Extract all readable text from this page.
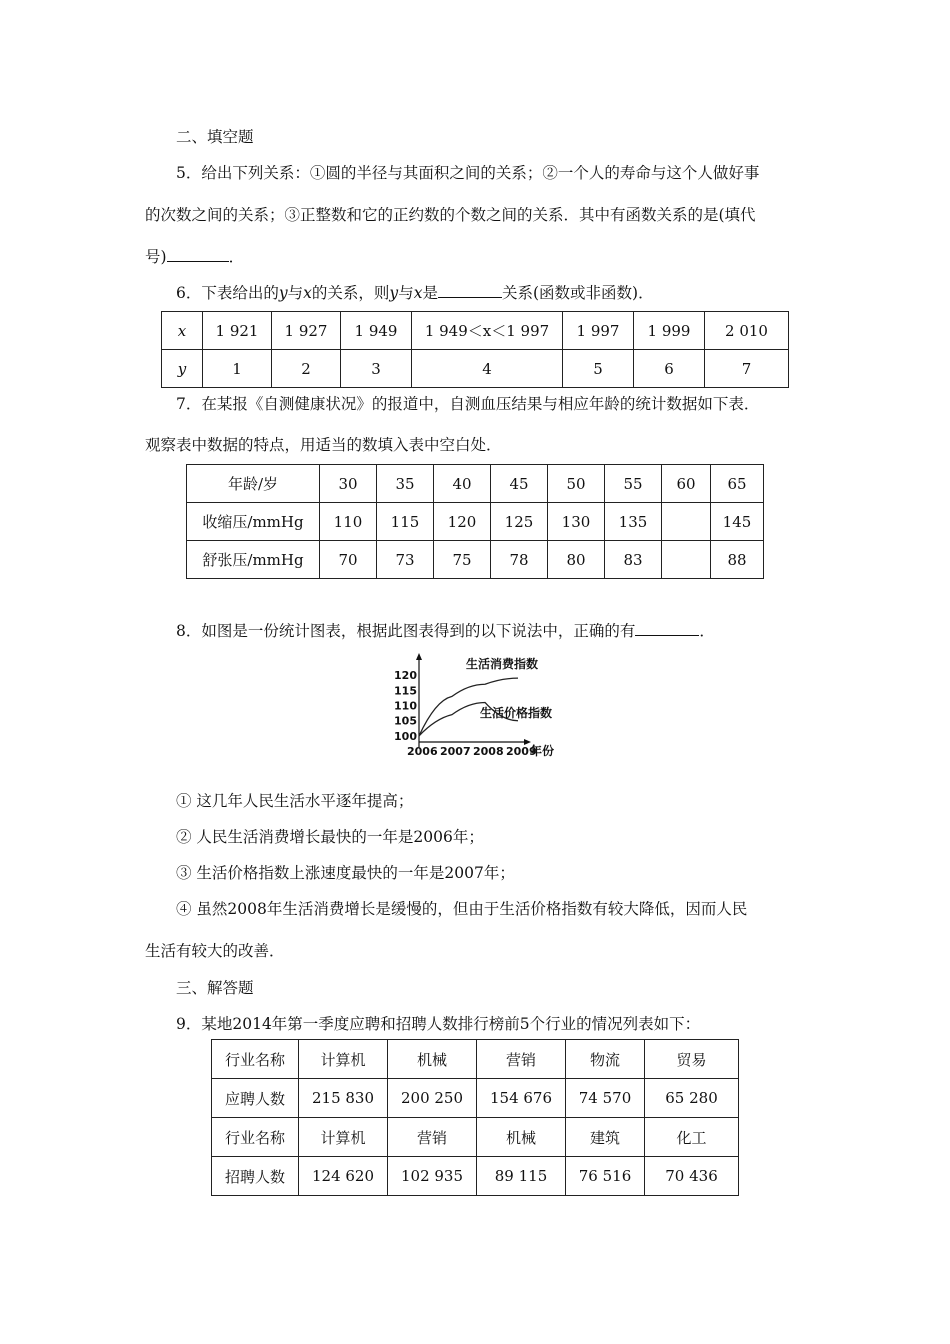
二、填空题
5．给出下列关系：①圆的半径与其面积之间的关系；②一个人的寿命与这个人做好事
的次数之间的关系；③正整数和它的正约数的个数之间的关系．其中有函数关系的是(填代
号)	．
6．下表给出的y与x的关系，则y与x是	关系(函数或非函数)．
x	1 921	1 927	1 949	1 949＜x＜1 997	1 997	1 999	2 010
y	1	2	3	4	5	6	7
7．在某报《自测健康状况》的报道中，自测血压结果与相应年龄的统计数据如下表．
观察表中数据的特点，用适当的数填入表中空白处．
年龄/岁	30	35	40	45	50	55	60	65
收缩压/mmHg	110	115	120	125	130	135		145
舒张压/mmHg	70	73	75	78	80	83		88
8．如图是一份统计图表，根据此图表得到的以下说法中，正确的有	．
100
105
110
115
120
2006 2007 2008 2009
年份
生活消费指数
生活价格指数
① 这几年人民生活水平逐年提高；
② 人民生活消费增长最快的一年是2006年；
③ 生活价格指数上涨速度最快的一年是2007年；
④ 虽然2008年生活消费增长是缓慢的，但由于生活价格指数有较大降低，因而人民
生活有较大的改善．
三、解答题
9．某地2014年第一季度应聘和招聘人数排行榜前5个行业的情况列表如下：
行业名称	计算机	机械	营销	物流	贸易
应聘人数	215 830	200 250	154 676	74 570	65 280
行业名称	计算机	营销	机械	建筑	化工
招聘人数	124 620	102 935	89 115	76 516	70 436
